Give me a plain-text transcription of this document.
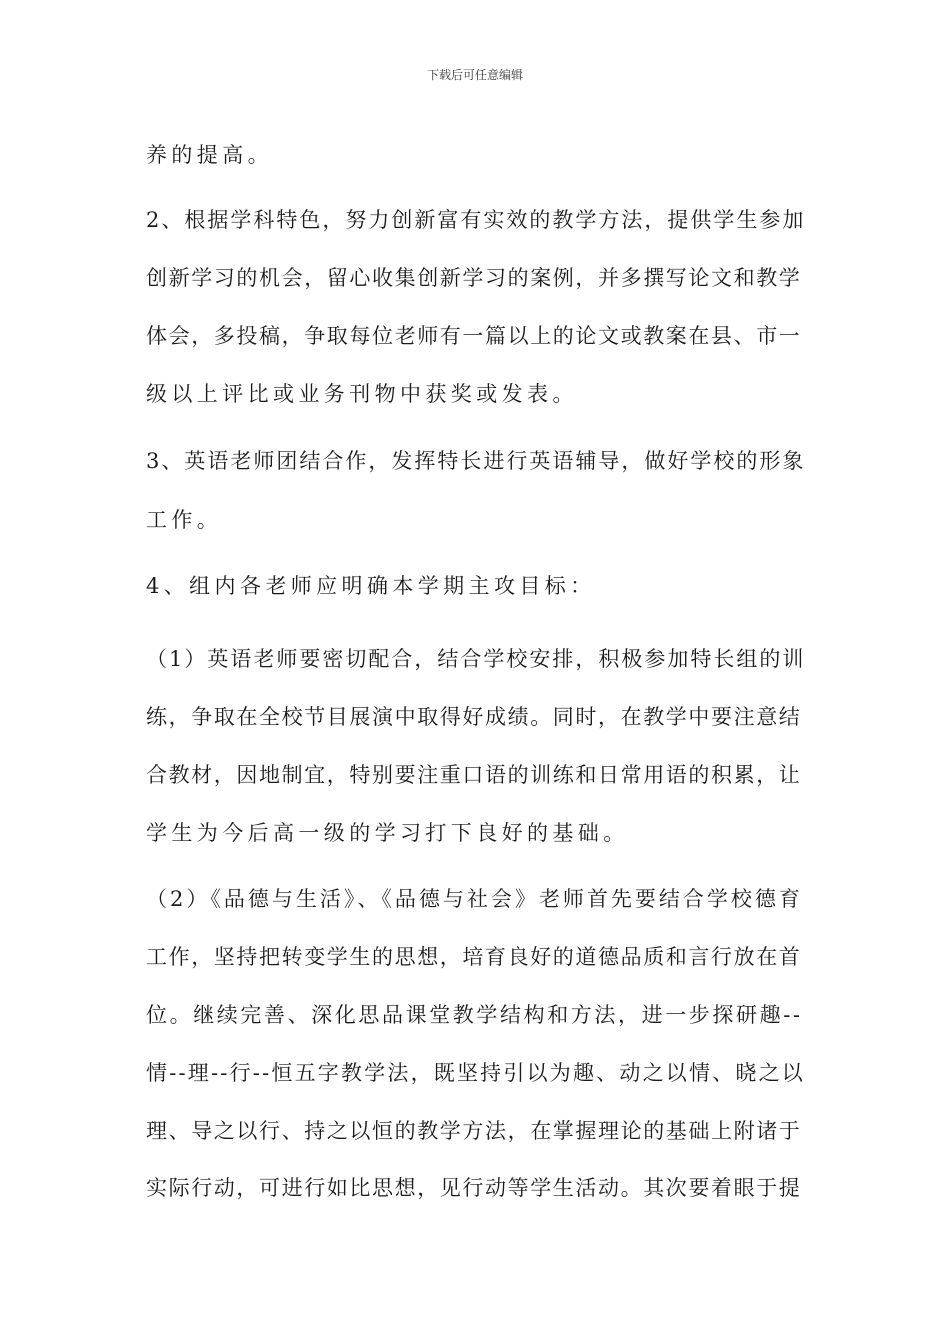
下载后可任意编辑
养的提高。
2、根据学科特色，努力创新富有实效的教学方法，提供学生参加
创新学习的机会，留心收集创新学习的案例，并多撰写论文和教学
体会，多投稿，争取每位老师有一篇以上的论文或教案在县、市一
级以上评比或业务刊物中获奖或发表。
3、英语老师团结合作，发挥特长进行英语辅导，做好学校的形象
工作。
4、组内各老师应明确本学期主攻目标：
（1）英语老师要密切配合，结合学校安排，积极参加特长组的训
练，争取在全校节目展演中取得好成绩。同时，在教学中要注意结
合教材，因地制宜，特别要注重口语的训练和日常用语的积累，让
学生为今后高一级的学习打下良好的基础。
（2）《品德与生活》、《品德与社会》老师首先要结合学校德育
工作，坚持把转变学生的思想，培育良好的道德品质和言行放在首
位。继续完善、深化思品课堂教学结构和方法，进一步探研趣--
情--理--行--恒五字教学法，既坚持引以为趣、动之以情、晓之以
理、导之以行、持之以恒的教学方法，在掌握理论的基础上附诸于
实际行动，可进行如比思想，见行动等学生活动。其次要着眼于提
